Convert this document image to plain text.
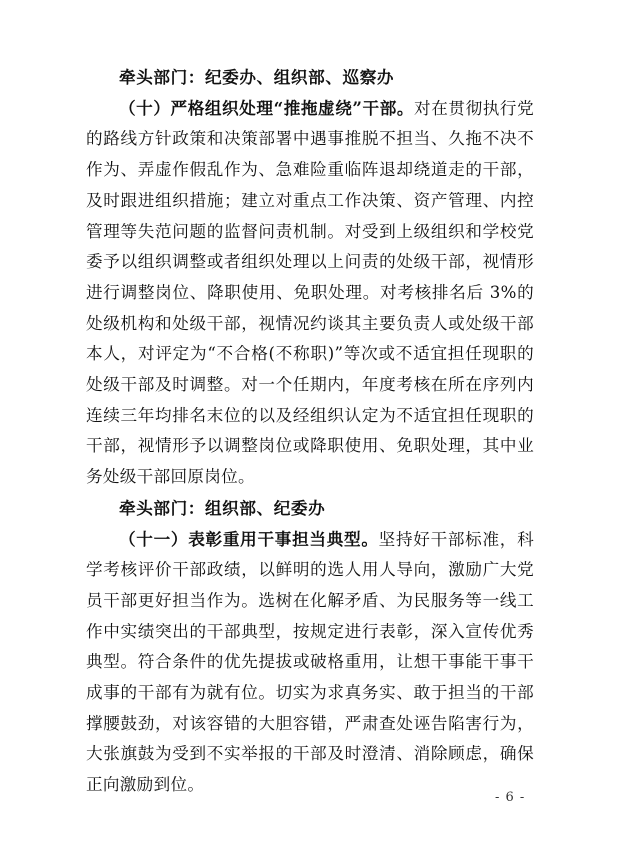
牵头部门：纪委办、组织部、巡察办

（十）严格组织处理“推拖虚绕”干部。对在贯彻执行党的路线方针政策和决策部署中遇事推脱不担当、久拖不决不作为、弄虚作假乱作为、急难险重临阵退却绕道走的干部，及时跟进组织措施；建立对重点工作决策、资产管理、内控管理等失范问题的监督问责机制。对受到上级组织和学校党委予以组织调整或者组织处理以上问责的处级干部，视情形进行调整岗位、降职使用、免职处理。对考核排名后 3%的处级机构和处级干部，视情况约谈其主要负责人或处级干部本人，对评定为“不合格(不称职)”等次或不适宜担任现职的处级干部及时调整。对一个任期内，年度考核在所在序列内连续三年均排名末位的以及经组织认定为不适宜担任现职的干部，视情形予以调整岗位或降职使用、免职处理，其中业务处级干部回原岗位。

牵头部门：组织部、纪委办

（十一）表彰重用干事担当典型。坚持好干部标准，科学考核评价干部政绩，以鲜明的选人用人导向，激励广大党员干部更好担当作为。选树在化解矛盾、为民服务等一线工作中实绩突出的干部典型，按规定进行表彰，深入宣传优秀典型。符合条件的优先提拔或破格重用，让想干事能干事干成事的干部有为就有位。切实为求真务实、敢于担当的干部撑腰鼓劲，对该容错的大胆容错，严肃查处诬告陷害行为，大张旗鼓为受到不实举报的干部及时澄清、消除顾虑，确保正向激励到位。

- 6 -
